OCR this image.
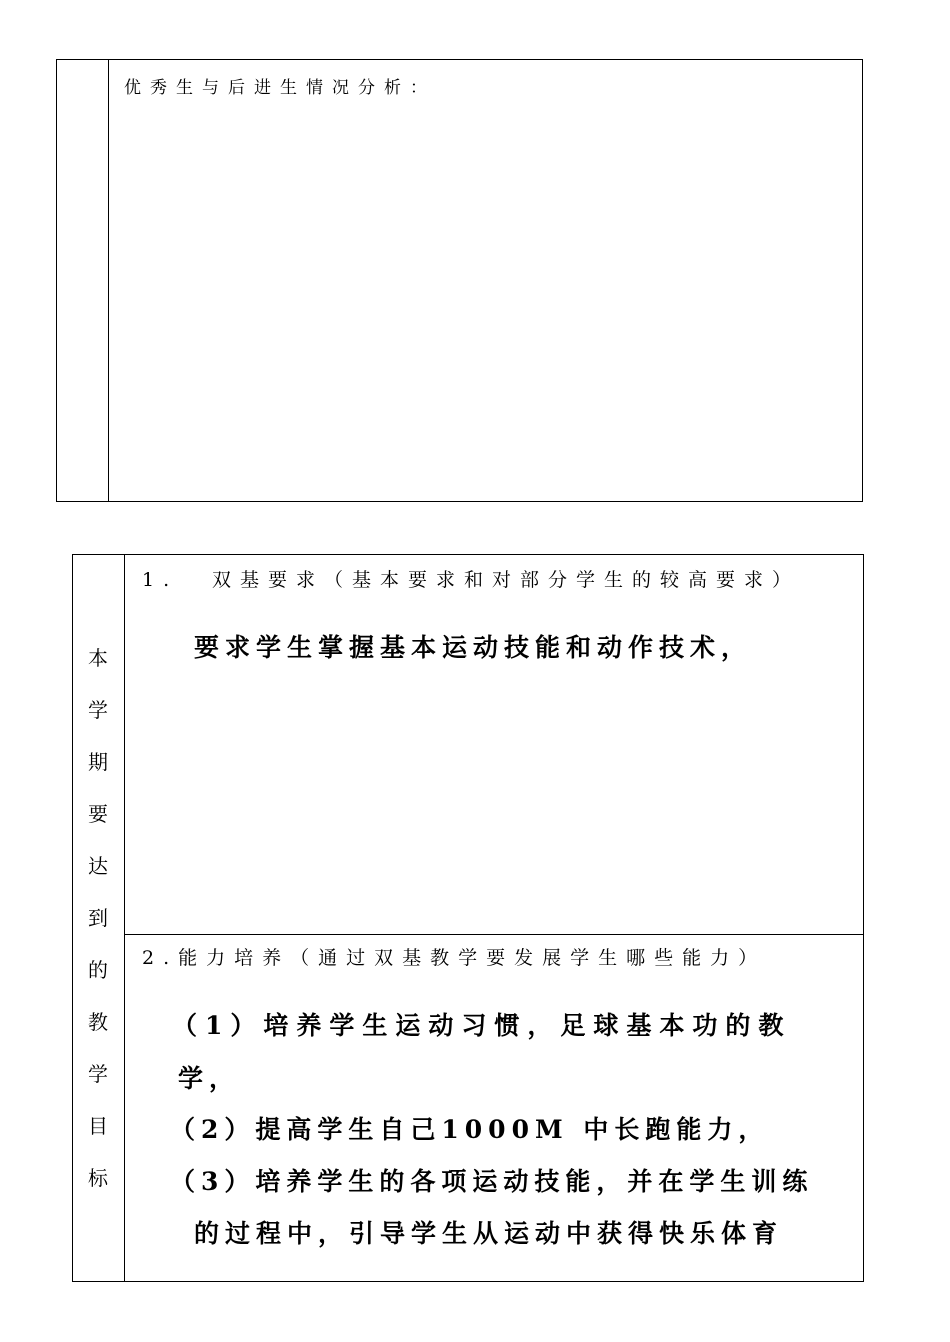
优秀生与后进生情况分析：
本
学
期
要
达
到
的
教
学
目
标
1. 双基要求（基本要求和对部分学生的较高要求）
要求学生掌握基本运动技能和动作技术，
2.能力培养（通过双基教学要发展学生哪些能力）
（1）培养学生运动习惯，足球基本功的教
学，
（2）提高学生自己1000M 中长跑能力，
（3）培养学生的各项运动技能，并在学生训练
的过程中，引导学生从运动中获得快乐体育
